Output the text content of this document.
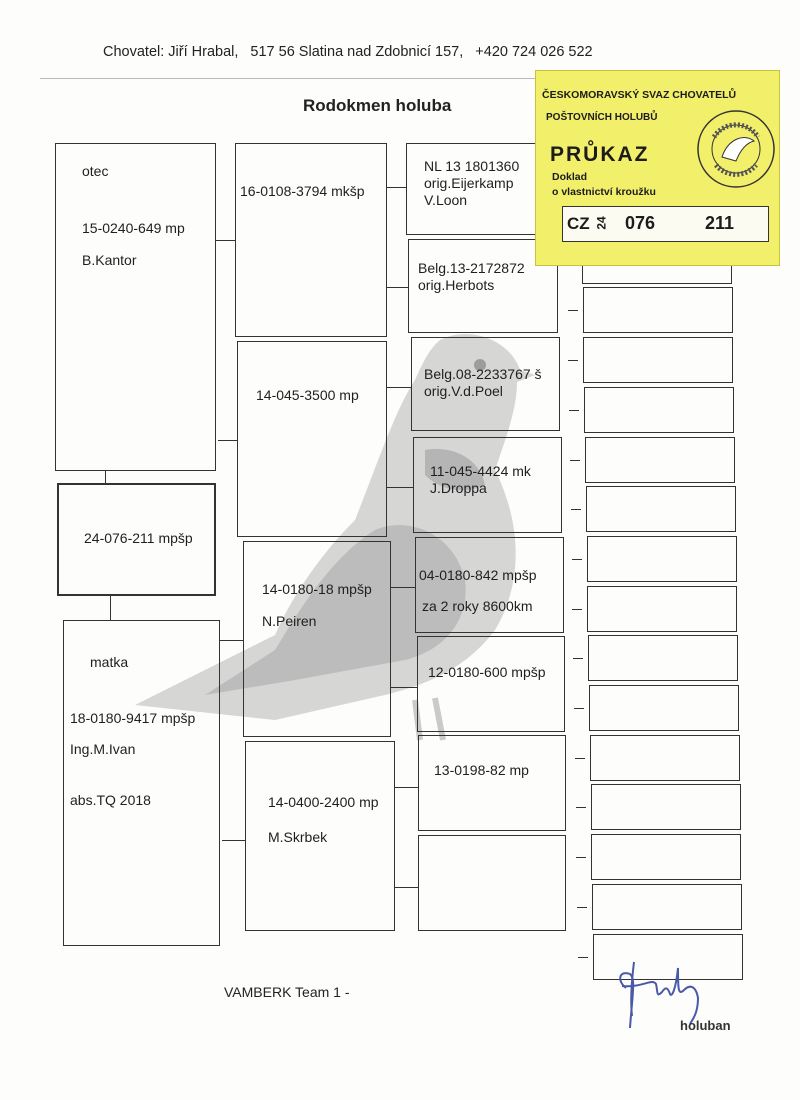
Chovatel: Jiří Hrabal, 517 56 Slatina nad Zdobnicí 157, +420 724 026 522
Rodokmen holuba
otec
15-0240-649 mp
B.Kantor
24-076-211 mpšp
matka
18-0180-9417 mpšp
Ing.M.Ivan
abs.TQ 2018
16-0108-3794 mkšp
14-045-3500 mp
14-0180-18 mpšp
N.Peiren
14-0400-2400 mp
M.Skrbek
NL 13 1801360
orig.Eijerkamp
V.Loon
Belg.13-2172872
orig.Herbots
Belg.08-2233767 š
orig.V.d.Poel
11-045-4424 mk
J.Droppa
04-0180-842 mpšp
za 2 roky 8600km
12-0180-600 mpšp
13-0198-82 mp
ČESKOMORAVSKÝ SVAZ CHOVATELŮ
POŠTOVNÍCH HOLUBŮ
PRŮKAZ
Doklad
o vlastnictví kroužku
CZ 24 076	211
VAMBERK Team 1 -
holuban
